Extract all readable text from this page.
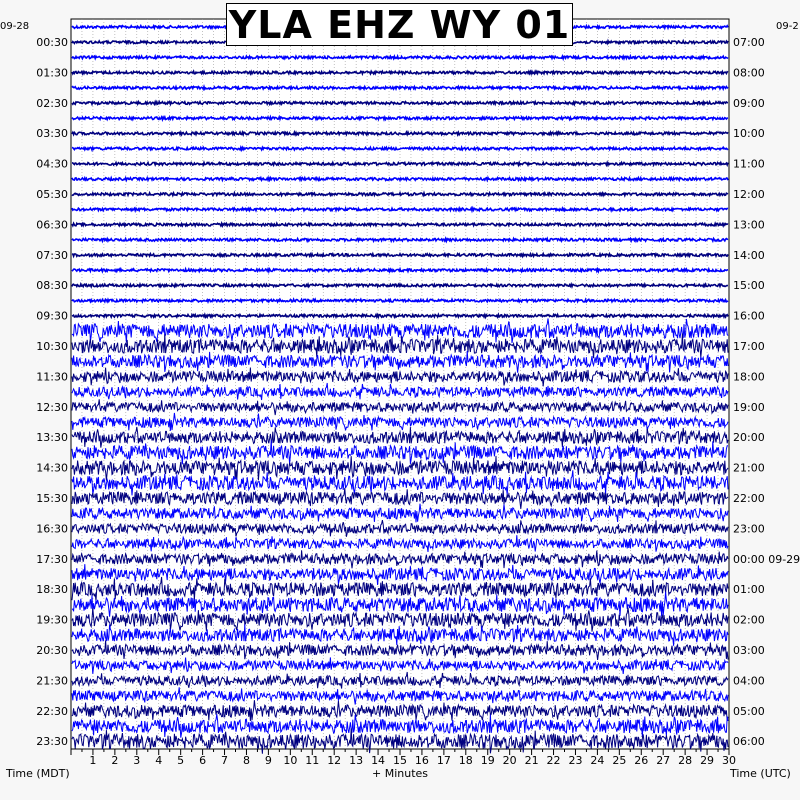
1 2 3 4 5 6 7 8 9 10 11 12 13 14 15 16 17 18 19 20 21 22 23 24 25 26 27 28 29 30
00:30
01:30
02:30
03:30
04:30
05:30
06:30
07:30
08:30
09:30
10:30
11:30
12:30
13:30
14:30
15:30
16:30
17:30
18:30
19:30
20:30
21:30
22:30
23:30
07:00
08:00
09:00
10:00
11:00
12:00
13:00
14:00
15:00
16:00
17:00
18:00
19:00
20:00
21:00
22:00
23:00
00:00 09-29
01:00
02:00
03:00
04:00
05:00
06:00
YLA EHZ WY 01
09-28	09-2
Time (MDT)	+ Minutes	Time (UTC)
